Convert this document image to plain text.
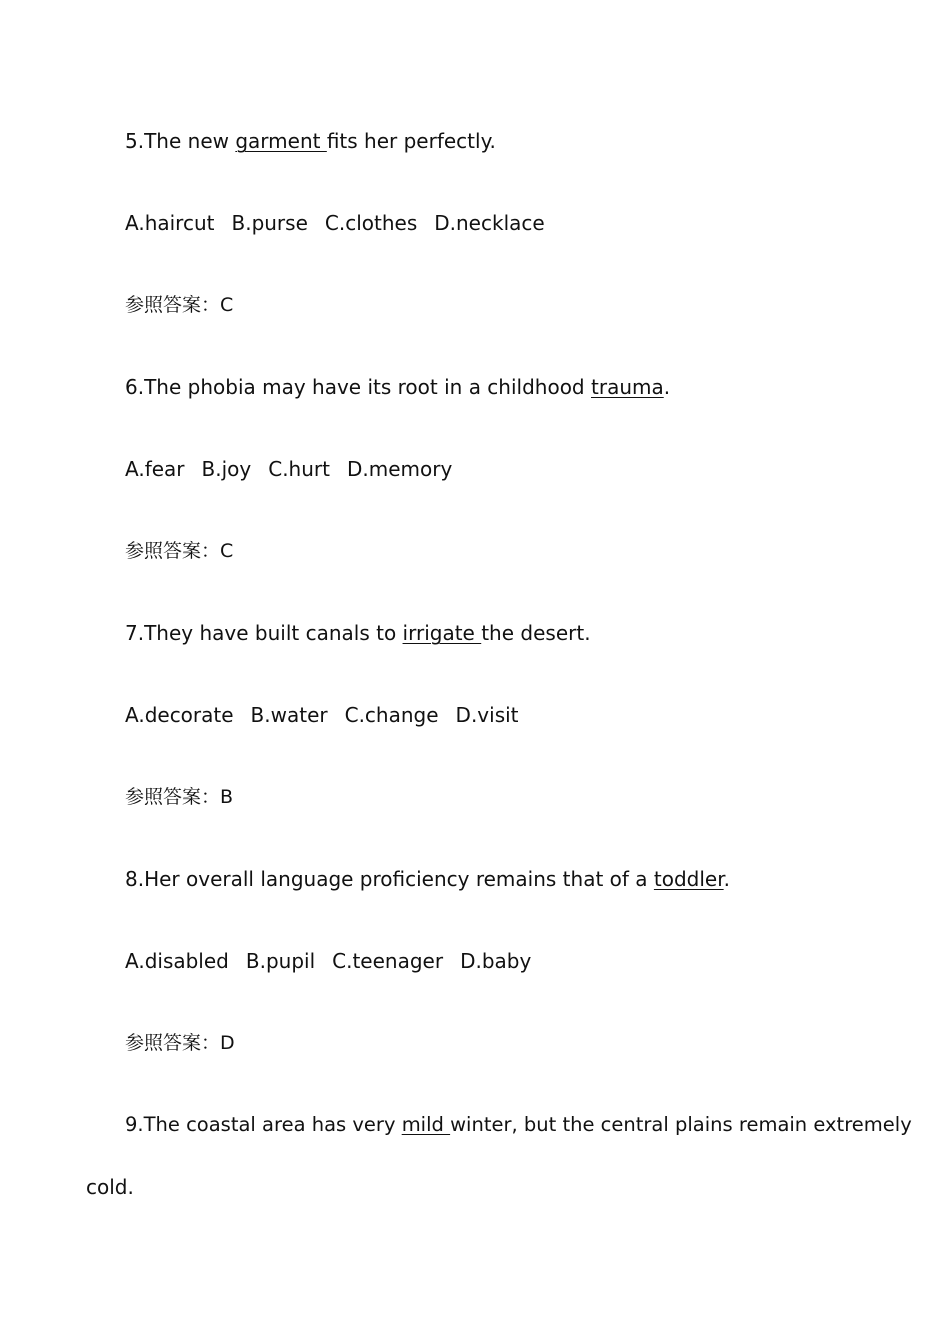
5.The new garment fits her perfectly.

A.haircut B.purse C.clothes D.necklace

参照答案：C

6.The phobia may have its root in a childhood trauma.

A.fear B.joy C.hurt D.memory

参照答案：C

7.They have built canals to irrigate the desert.

A.decorate B.water C.change D.visit

参照答案：B

8.Her overall language proficiency remains that of a toddler.

A.disabled B.pupil C.teenager D.baby

参照答案：D

9.The coastal area has very mild winter, but the central plains remain extremely

cold.
